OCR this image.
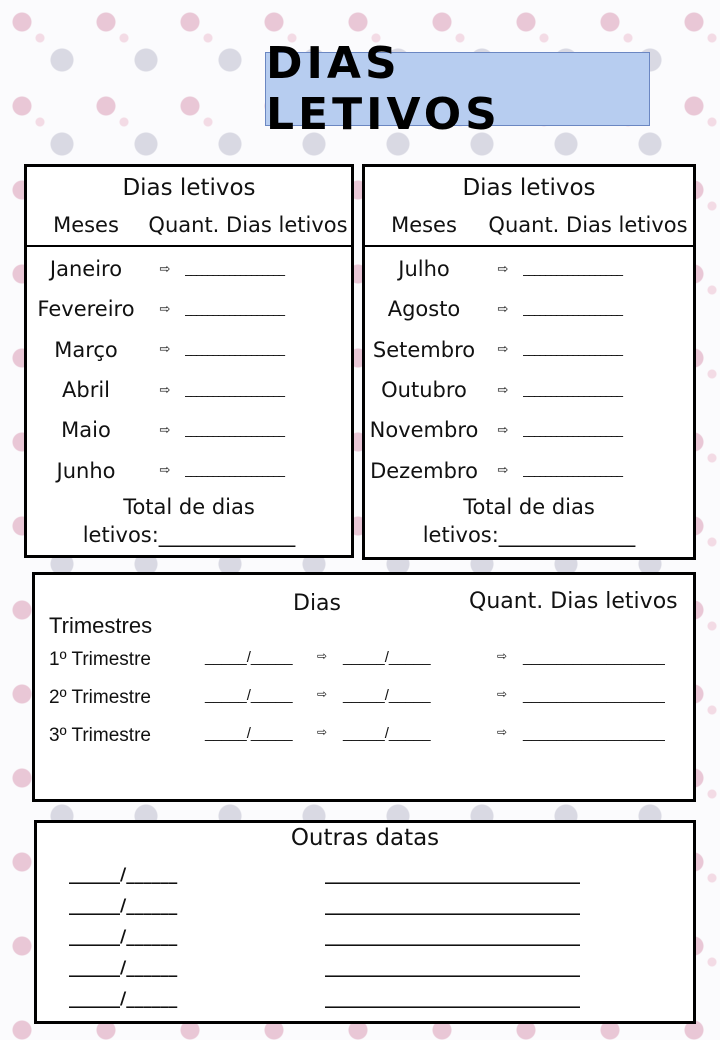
DIAS LETIVOS
Dias letivos
Meses	Quant. Dias letivos
Janeiro	⇨	__________________
Fevereiro	⇨	__________________
Março	⇨	__________________
Abril	⇨	__________________
Maio	⇨	__________________
Junho	⇨	__________________
Total de dias
letivos:_____________
Dias letivos
Meses	Quant. Dias letivos
Julho	⇨	__________________
Agosto	⇨	__________________
Setembro	⇨	__________________
Outubro	⇨	__________________
Novembro	⇨	__________________
Dezembro	⇨	__________________
Total de dias
letivos:_____________
Dias	Quant. Dias letivos
Trimestres
1º Trimestre	_____/_____ ⇨ _____/_____	⇨ _________________
2º Trimestre	_____/_____ ⇨ _____/_____	⇨ _________________
3º Trimestre	_____/_____ ⇨ _____/_____	⇨ _________________
Outras datas
______/______	______________________________
______/______	______________________________
______/______	______________________________
______/______	______________________________
______/______	______________________________
